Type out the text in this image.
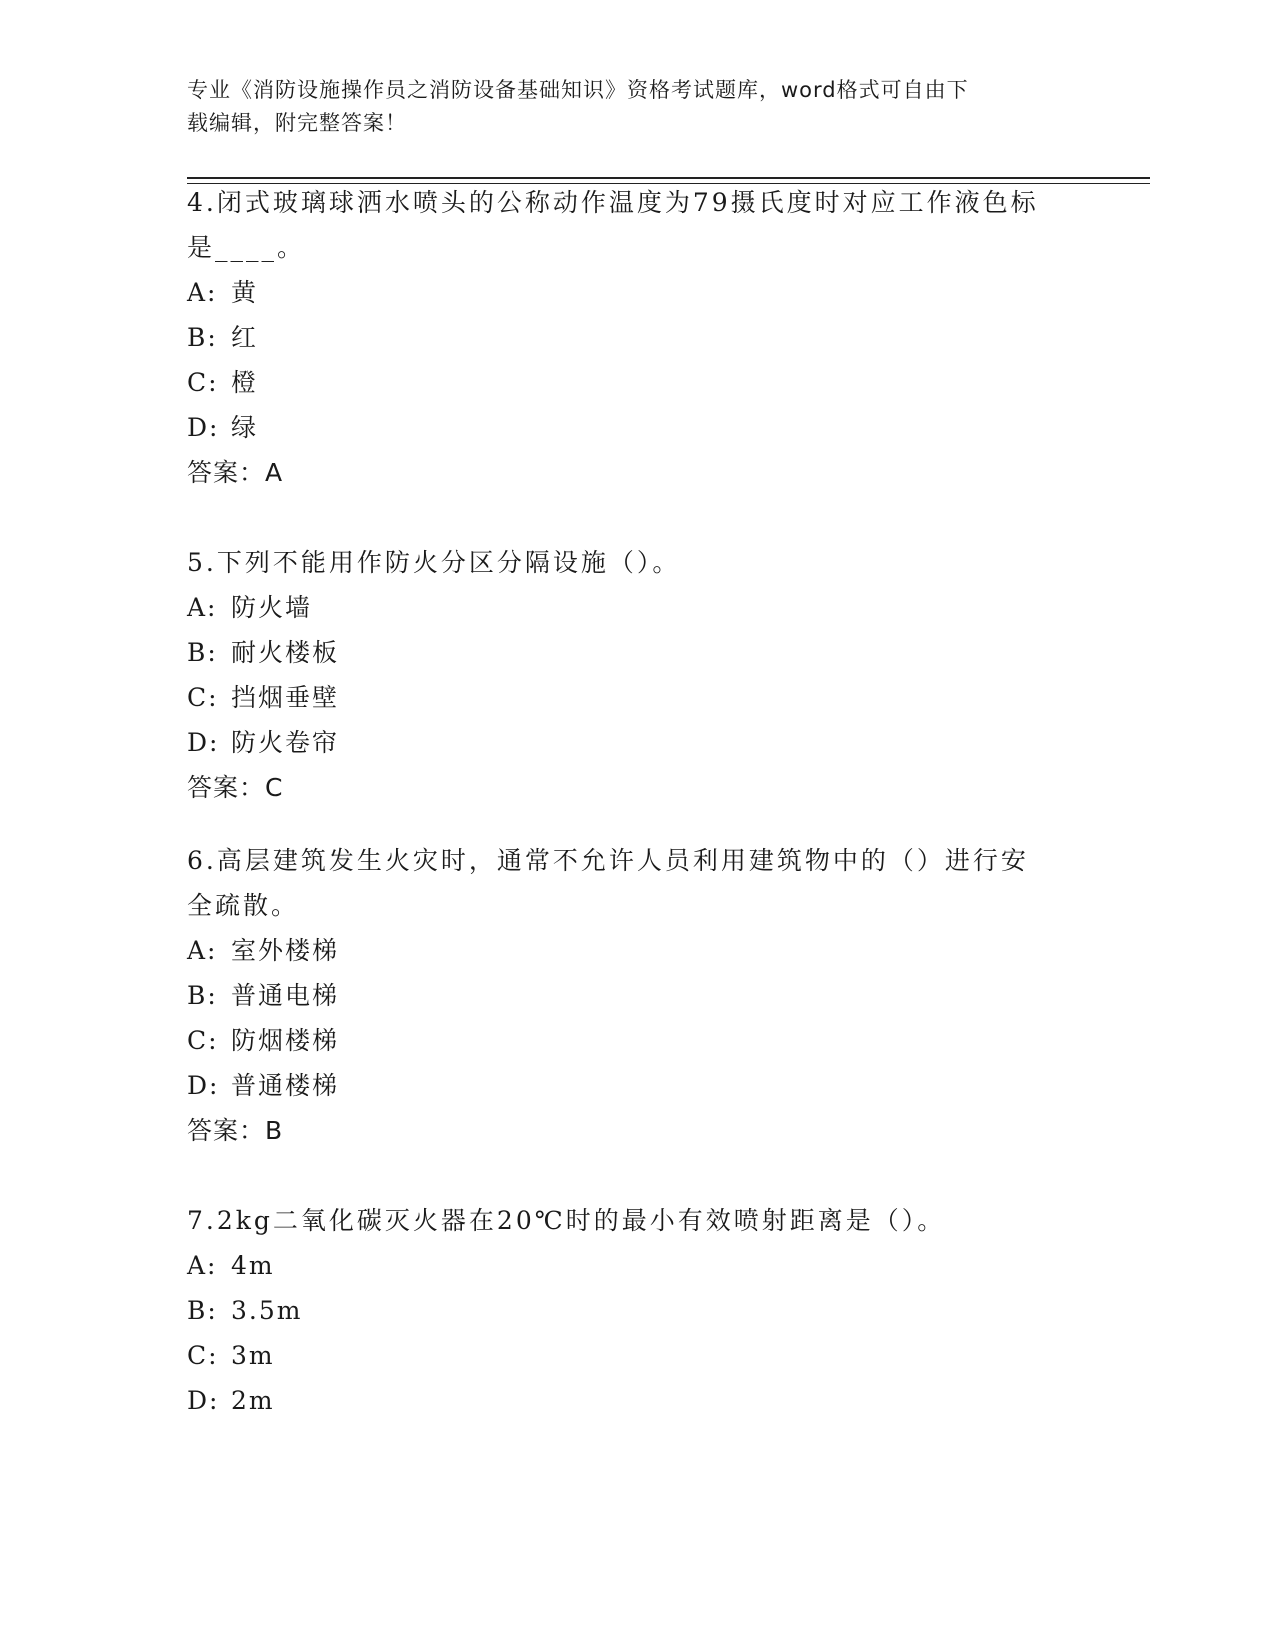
专业《消防设施操作员之消防设备基础知识》资格考试题库，word格式可自由下
载编辑，附完整答案！
4.闭式玻璃球洒水喷头的公称动作温度为79摄氏度时对应工作液色标
是____。
A: 黄
B: 红
C: 橙
D: 绿
答案：A
5.下列不能用作防火分区分隔设施（）。
A: 防火墙
B: 耐火楼板
C: 挡烟垂壁
D: 防火卷帘
答案：C
6.高层建筑发生火灾时，通常不允许人员利用建筑物中的（）进行安
全疏散。
A: 室外楼梯
B: 普通电梯
C: 防烟楼梯
D: 普通楼梯
答案：B
7.2kg二氧化碳灭火器在20℃时的最小有效喷射距离是（）。
A: 4m
B: 3.5m
C: 3m
D: 2m
